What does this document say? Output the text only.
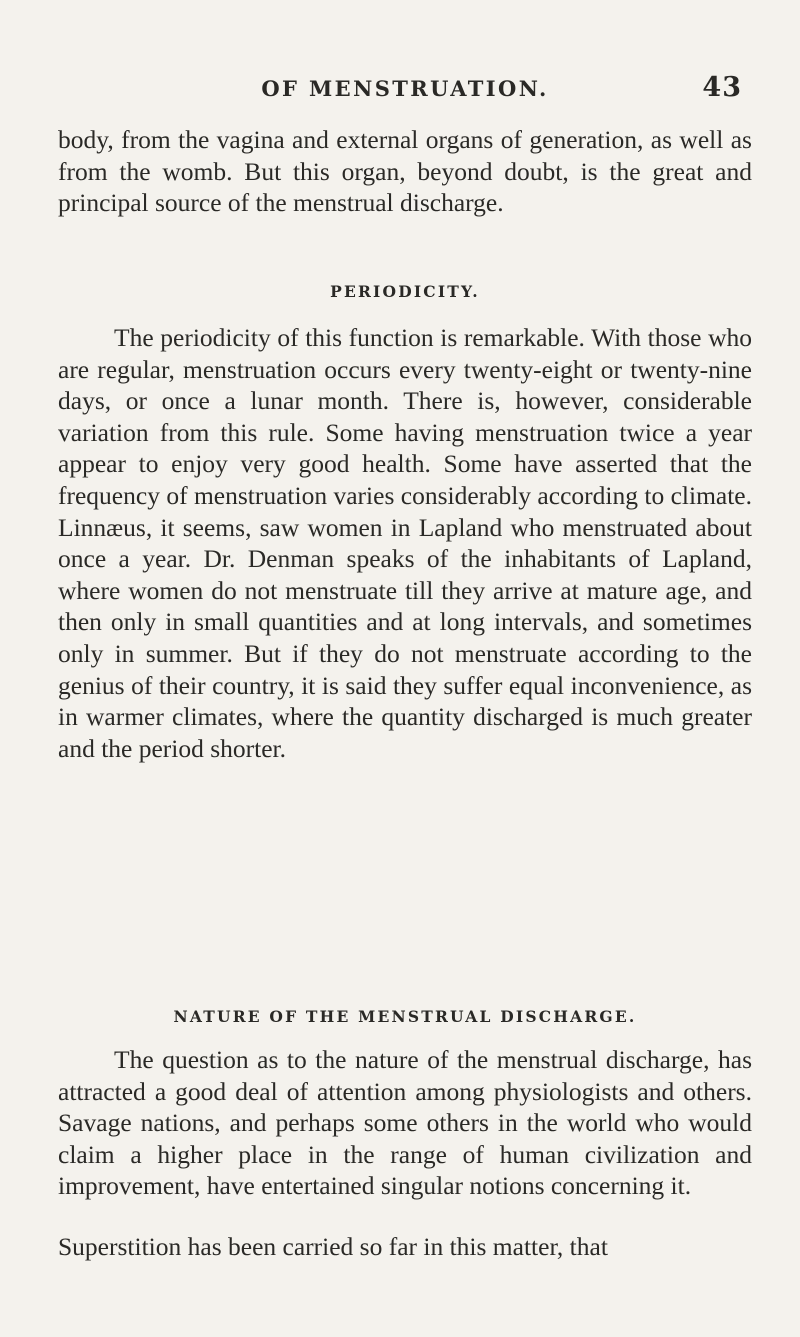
OF MENSTRUATION.	43

body, from the vagina and external organs of generation, as well as from the womb. But this organ, beyond doubt, is the great and principal source of the menstrual discharge.

PERIODICITY.

The periodicity of this function is remarkable. With those who are regular, menstruation occurs every twenty-eight or twenty-nine days, or once a lunar month. There is, however, considerable variation from this rule. Some having menstruation twice a year appear to enjoy very good health. Some have asserted that the frequency of menstruation varies considerably according to climate. Linnæus, it seems, saw women in Lapland who menstruated about once a year. Dr. Denman speaks of the inhabitants of Lapland, where women do not menstruate till they arrive at mature age, and then only in small quantities and at long intervals, and sometimes only in summer. But if they do not menstruate according to the genius of their country, it is said they suffer equal inconvenience, as in warmer climates, where the quantity discharged is much greater and the period shorter.

NATURE OF THE MENSTRUAL DISCHARGE.

The question as to the nature of the menstrual discharge, has attracted a good deal of attention among physiologists and others. Savage nations, and perhaps some others in the world who would claim a higher place in the range of human civilization and improvement, have entertained singular notions concerning it.

Superstition has been carried so far in this matter, that
